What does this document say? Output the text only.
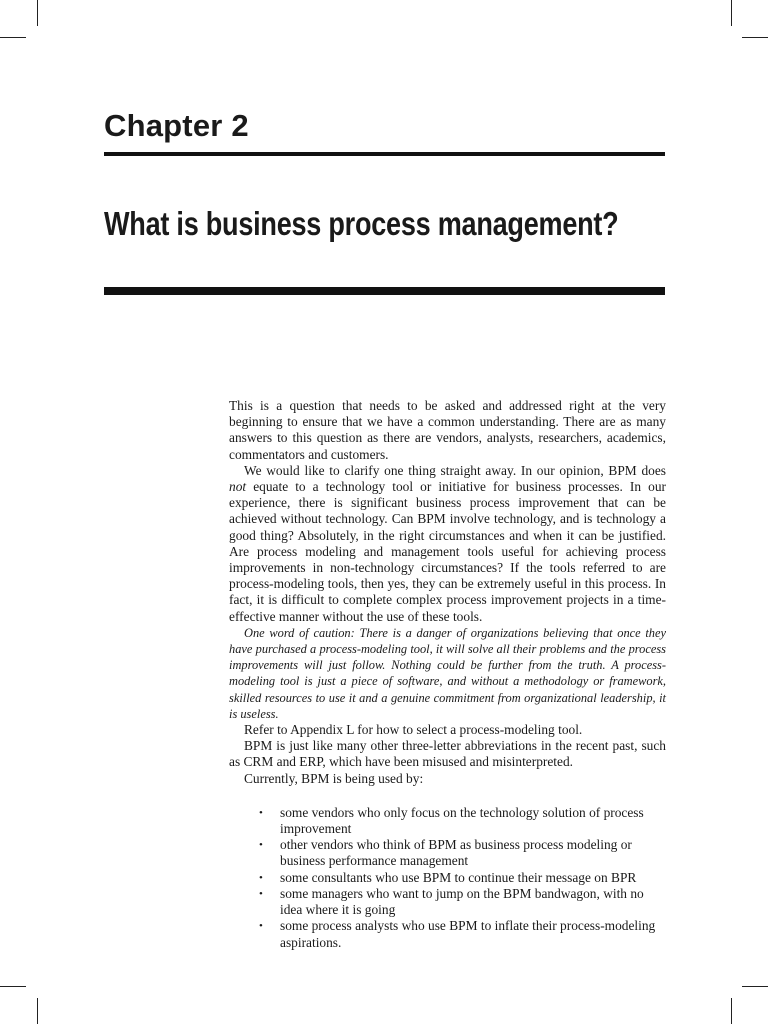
Chapter 2
What is business process management?

This is a question that needs to be asked and addressed right at the very beginning to ensure that we have a common understanding. There are as many answers to this question as there are vendors, analysts, researchers, academics, commentators and customers.

We would like to clarify one thing straight away. In our opinion, BPM does not equate to a technology tool or initiative for business processes. In our experience, there is significant business process improvement that can be achieved without technology. Can BPM involve technology, and is technology a good thing? Absolutely, in the right circumstances and when it can be justified. Are process modeling and management tools useful for achieving process improvements in non-technology circumstances? If the tools referred to are process-modeling tools, then yes, they can be extremely useful in this process. In fact, it is difficult to complete complex process improvement projects in a time-effective manner without the use of these tools.

One word of caution: There is a danger of organizations believing that once they have purchased a process-modeling tool, it will solve all their problems and the process improvements will just follow. Nothing could be further from the truth. A process-modeling tool is just a piece of software, and without a methodology or framework, skilled resources to use it and a genuine commitment from organizational leadership, it is useless.

Refer to Appendix L for how to select a process-modeling tool.

BPM is just like many other three-letter abbreviations in the recent past, such as CRM and ERP, which have been misused and misinterpreted.

Currently, BPM is being used by:

• some vendors who only focus on the technology solution of process improvement
• other vendors who think of BPM as business process modeling or business performance management
• some consultants who use BPM to continue their message on BPR
• some managers who want to jump on the BPM bandwagon, with no idea where it is going
• some process analysts who use BPM to inflate their process-modeling aspirations.
